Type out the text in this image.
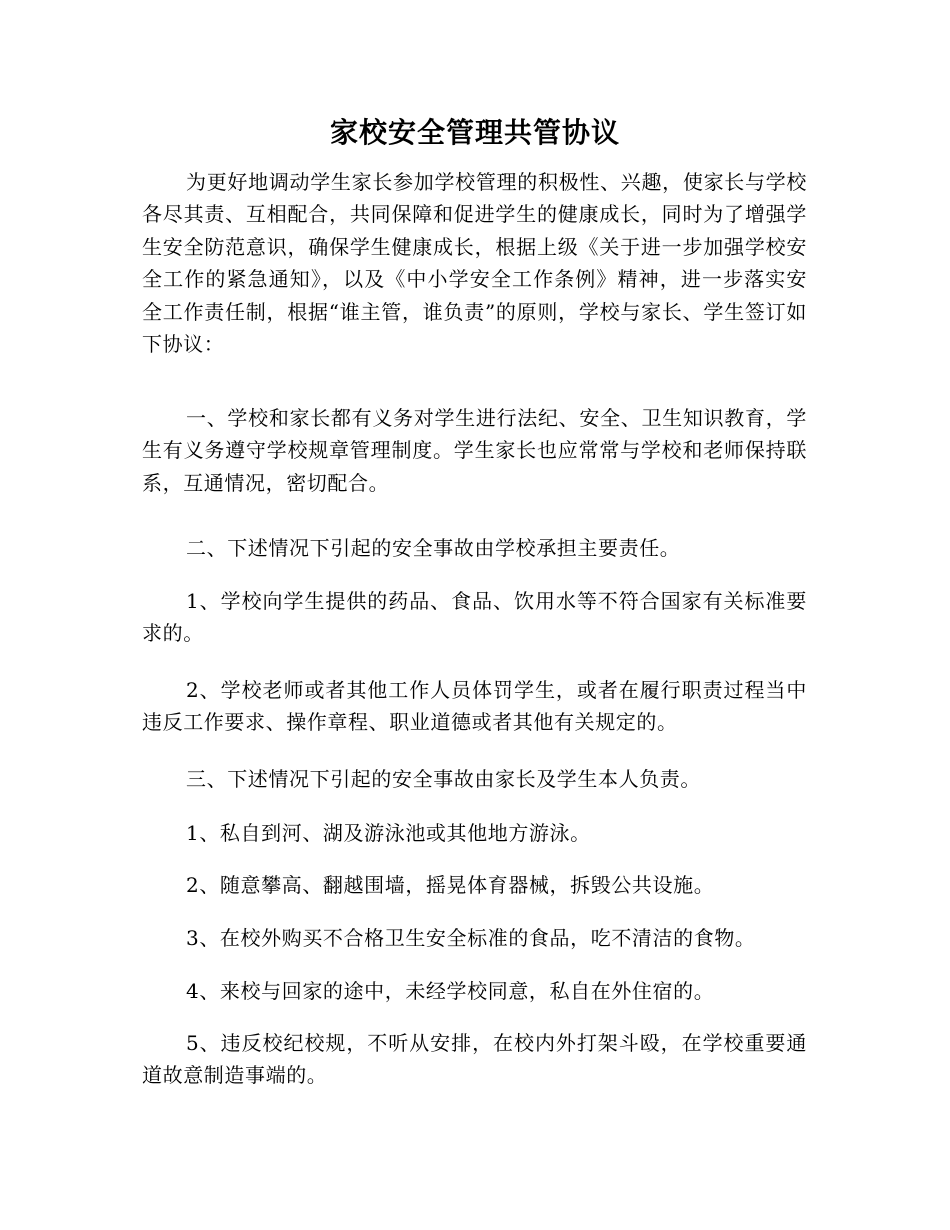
家校安全管理共管协议
为更好地调动学生家长参加学校管理的积极性、兴趣，使家长与学校各尽其责、互相配合，共同保障和促进学生的健康成长，同时为了增强学生安全防范意识，确保学生健康成长，根据上级《关于进一步加强学校安全工作的紧急通知》，以及《中小学安全工作条例》精神，进一步落实安全工作责任制，根据“谁主管，谁负责”的原则，学校与家长、学生签订如下协议：
一、学校和家长都有义务对学生进行法纪、安全、卫生知识教育，学生有义务遵守学校规章管理制度。学生家长也应常常与学校和老师保持联系，互通情况，密切配合。
二、下述情况下引起的安全事故由学校承担主要责任。
1、学校向学生提供的药品、食品、饮用水等不符合国家有关标准要求的。
2、学校老师或者其他工作人员体罚学生，或者在履行职责过程当中违反工作要求、操作章程、职业道德或者其他有关规定的。
三、下述情况下引起的安全事故由家长及学生本人负责。
1、私自到河、湖及游泳池或其他地方游泳。
2、随意攀高、翻越围墙，摇晃体育器械，拆毁公共设施。
3、在校外购买不合格卫生安全标准的食品，吃不清洁的食物。
4、来校与回家的途中，未经学校同意，私自在外住宿的。
5、违反校纪校规，不听从安排，在校内外打架斗殴，在学校重要通道故意制造事端的。
